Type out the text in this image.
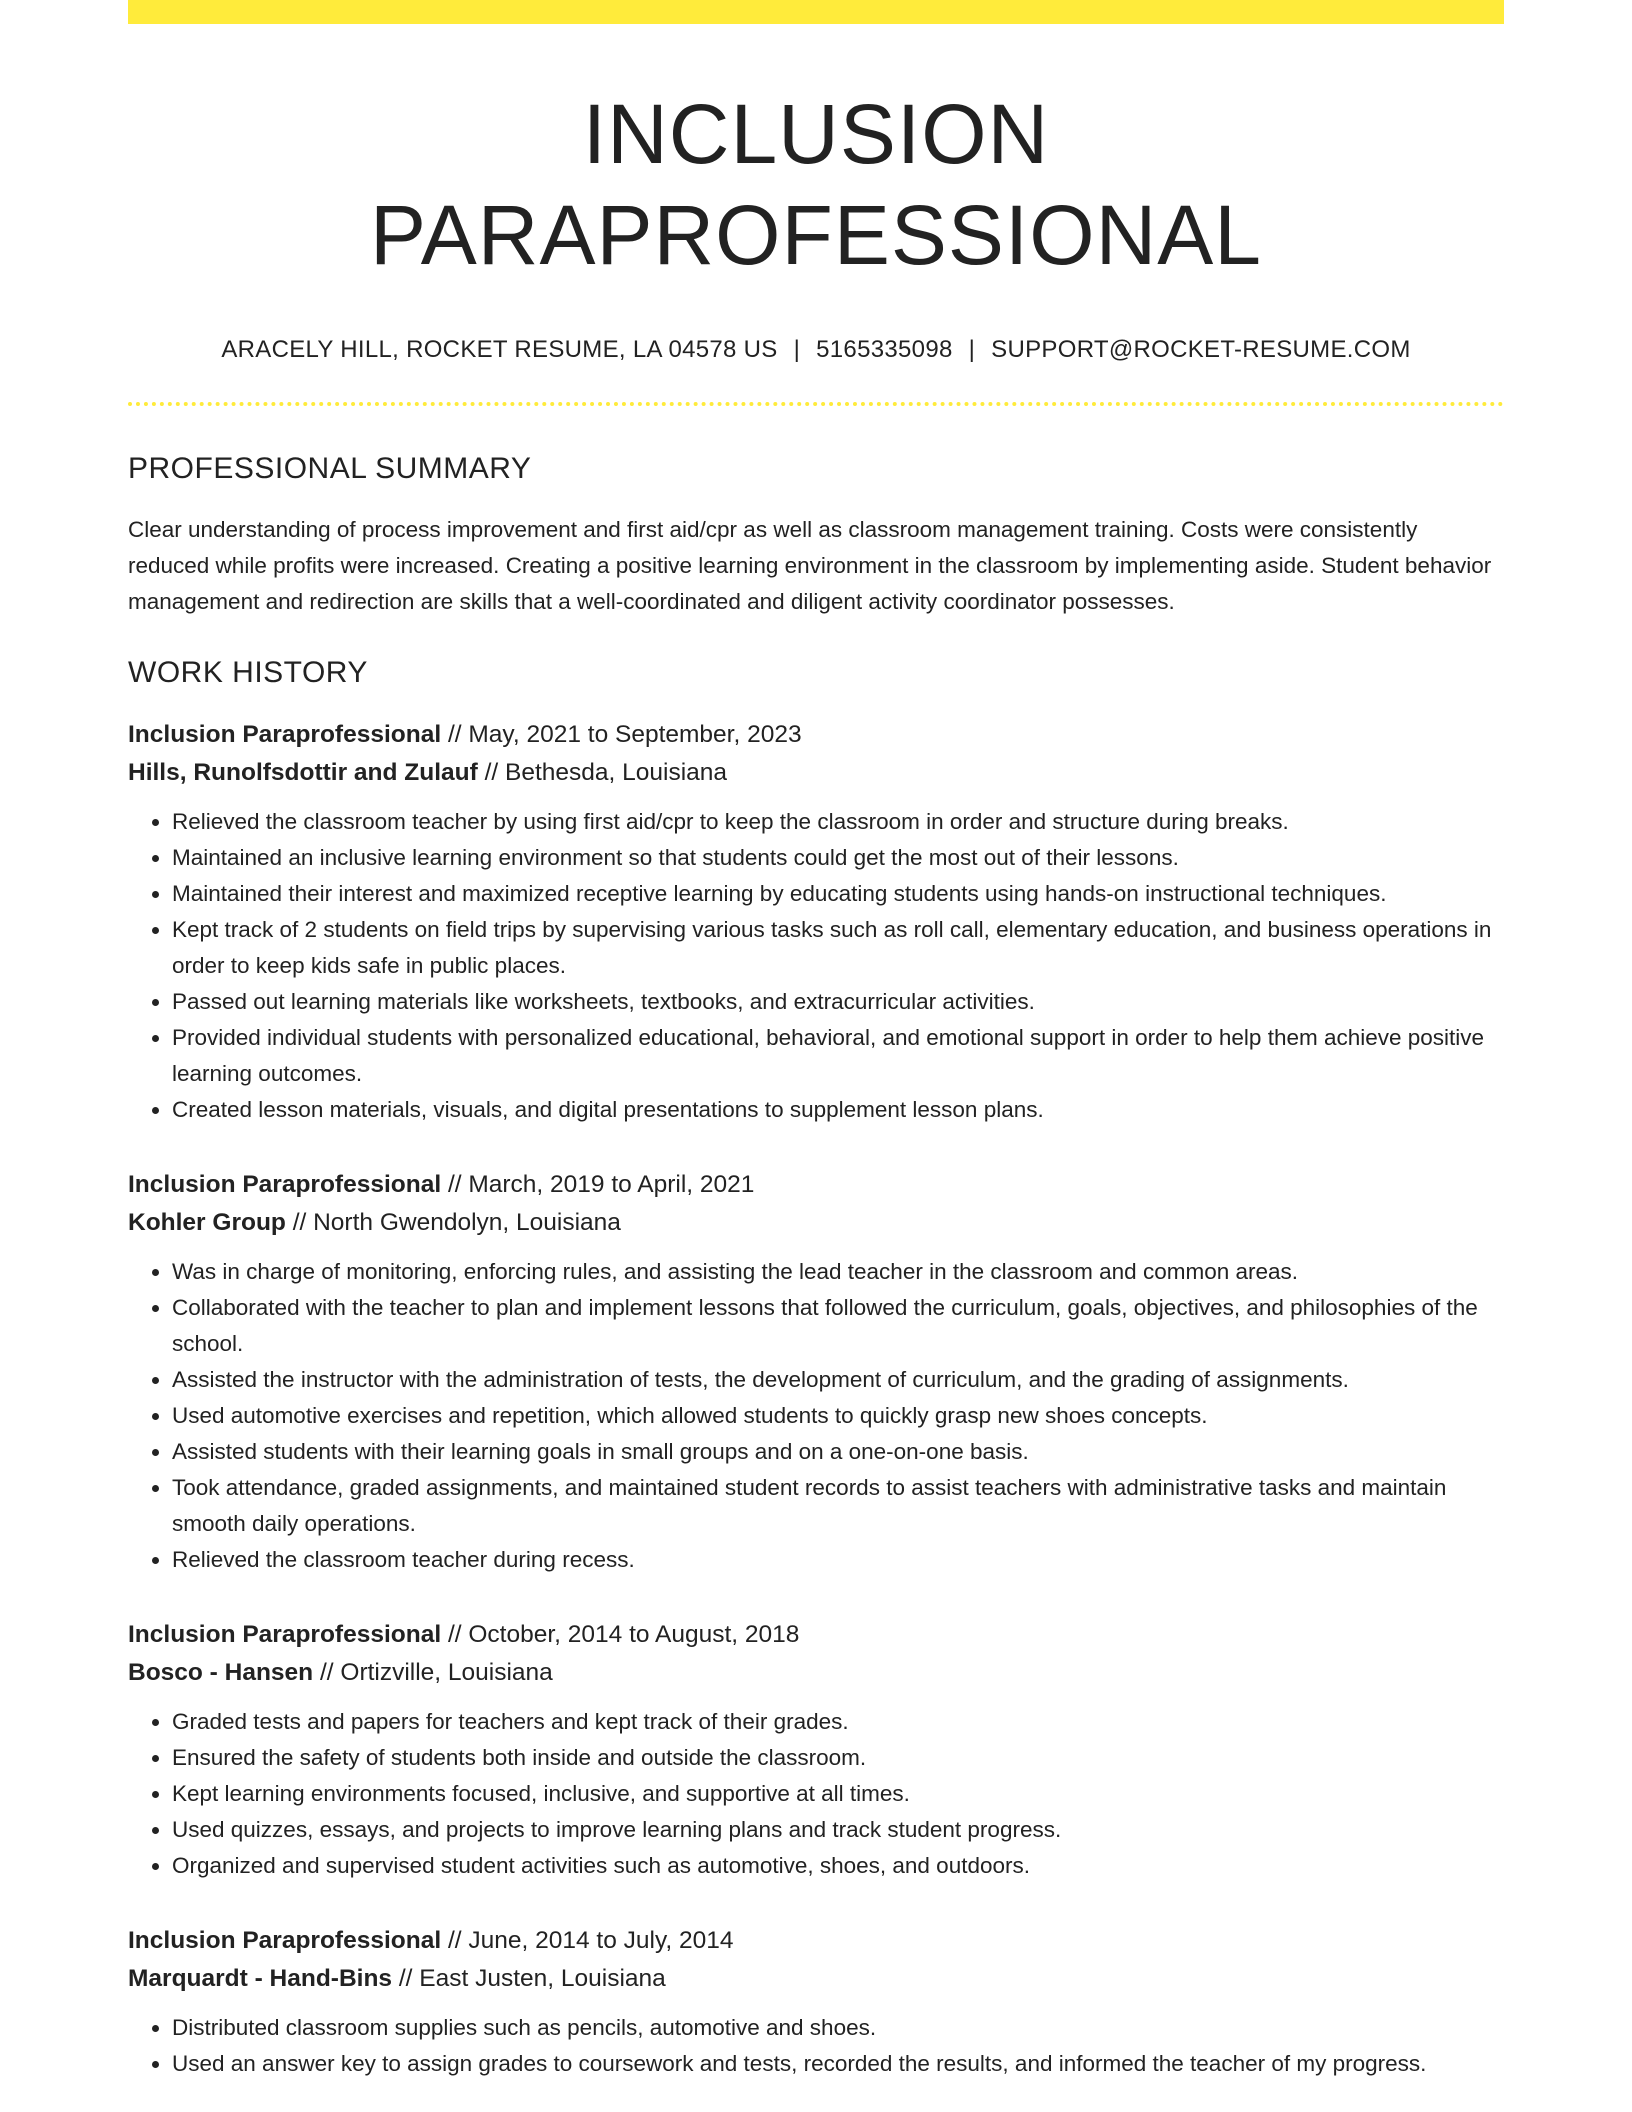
INCLUSION PARAPROFESSIONAL
ARACELY HILL, ROCKET RESUME, LA 04578 US | 5165335098 | SUPPORT@ROCKET-RESUME.COM
PROFESSIONAL SUMMARY

Clear understanding of process improvement and first aid/cpr as well as classroom management training. Costs were consistently reduced while profits were increased. Creating a positive learning environment in the classroom by implementing aside. Student behavior management and redirection are skills that a well-coordinated and diligent activity coordinator possesses.

WORK HISTORY
Inclusion Paraprofessional // May, 2021 to September, 2023
Hills, Runolfsdottir and Zulauf // Bethesda, Louisiana
• Relieved the classroom teacher by using first aid/cpr to keep the classroom in order and structure during breaks.
• Maintained an inclusive learning environment so that students could get the most out of their lessons.
• Maintained their interest and maximized receptive learning by educating students using hands-on instructional techniques.
• Kept track of 2 students on field trips by supervising various tasks such as roll call, elementary education, and business operations in order to keep kids safe in public places.
• Passed out learning materials like worksheets, textbooks, and extracurricular activities.
• Provided individual students with personalized educational, behavioral, and emotional support in order to help them achieve positive learning outcomes.
• Created lesson materials, visuals, and digital presentations to supplement lesson plans.
Inclusion Paraprofessional // March, 2019 to April, 2021
Kohler Group // North Gwendolyn, Louisiana
• Was in charge of monitoring, enforcing rules, and assisting the lead teacher in the classroom and common areas.
• Collaborated with the teacher to plan and implement lessons that followed the curriculum, goals, objectives, and philosophies of the school.
• Assisted the instructor with the administration of tests, the development of curriculum, and the grading of assignments.
• Used automotive exercises and repetition, which allowed students to quickly grasp new shoes concepts.
• Assisted students with their learning goals in small groups and on a one-on-one basis.
• Took attendance, graded assignments, and maintained student records to assist teachers with administrative tasks and maintain smooth daily operations.
• Relieved the classroom teacher during recess.
Inclusion Paraprofessional // October, 2014 to August, 2018
Bosco - Hansen // Ortizville, Louisiana
• Graded tests and papers for teachers and kept track of their grades.
• Ensured the safety of students both inside and outside the classroom.
• Kept learning environments focused, inclusive, and supportive at all times.
• Used quizzes, essays, and projects to improve learning plans and track student progress.
• Organized and supervised student activities such as automotive, shoes, and outdoors.
Inclusion Paraprofessional // June, 2014 to July, 2014
Marquardt - Hand-Bins // East Justen, Louisiana
• Distributed classroom supplies such as pencils, automotive and shoes.
• Used an answer key to assign grades to coursework and tests, recorded the results, and informed the teacher of my progress.
